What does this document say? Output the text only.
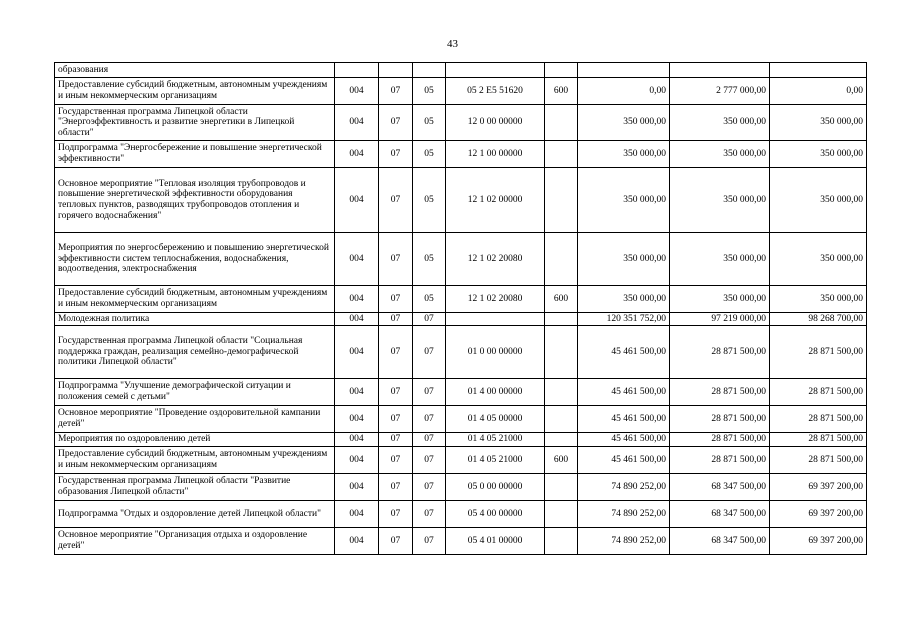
43
образования								
Предоставление субсидий бюджетным, автономным учреждениям и иным некоммерческим организациям	004	07	05	05 2 E5 51620	600	0,00	2 777 000,00	0,00
Государственная программа Липецкой области "Энергоэффективность и развитие энергетики в Липецкой области"	004	07	05	12 0 00 00000		350 000,00	350 000,00	350 000,00
Подпрограмма "Энергосбережение и повышение энергетической эффективности"	004	07	05	12 1 00 00000		350 000,00	350 000,00	350 000,00
Основное мероприятие "Тепловая изоляция трубопроводов и повышение энергетической эффективности оборудования тепловых пунктов, разводящих трубопроводов отопления и горячего водоснабжения"	004	07	05	12 1 02 00000		350 000,00	350 000,00	350 000,00
Мероприятия по энергосбережению и повышению энергетической эффективности систем теплоснабжения, водоснабжения, водоотведения, электроснабжения	004	07	05	12 1 02 20080		350 000,00	350 000,00	350 000,00
Предоставление субсидий бюджетным, автономным учреждениям и иным некоммерческим организациям	004	07	05	12 1 02 20080	600	350 000,00	350 000,00	350 000,00
Молодежная политика	004	07	07			120 351 752,00	97 219 000,00	98 268 700,00
Государственная программа Липецкой области "Социальная поддержка граждан, реализация семейно-демографической политики Липецкой области"	004	07	07	01 0 00 00000		45 461 500,00	28 871 500,00	28 871 500,00
Подпрограмма "Улучшение демографической ситуации и положения семей с детьми"	004	07	07	01 4 00 00000		45 461 500,00	28 871 500,00	28 871 500,00
Основное мероприятие "Проведение оздоровительной кампании детей"	004	07	07	01 4 05 00000		45 461 500,00	28 871 500,00	28 871 500,00
Мероприятия по оздоровлению детей	004	07	07	01 4 05 21000		45 461 500,00	28 871 500,00	28 871 500,00
Предоставление субсидий бюджетным, автономным учреждениям и иным некоммерческим организациям	004	07	07	01 4 05 21000	600	45 461 500,00	28 871 500,00	28 871 500,00
Государственная программа Липецкой области "Развитие образования Липецкой области"	004	07	07	05 0 00 00000		74 890 252,00	68 347 500,00	69 397 200,00
Подпрограмма "Отдых и оздоровление детей Липецкой области"	004	07	07	05 4 00 00000		74 890 252,00	68 347 500,00	69 397 200,00
Основное мероприятие "Организация отдыха и оздоровление детей"	004	07	07	05 4 01 00000		74 890 252,00	68 347 500,00	69 397 200,00
